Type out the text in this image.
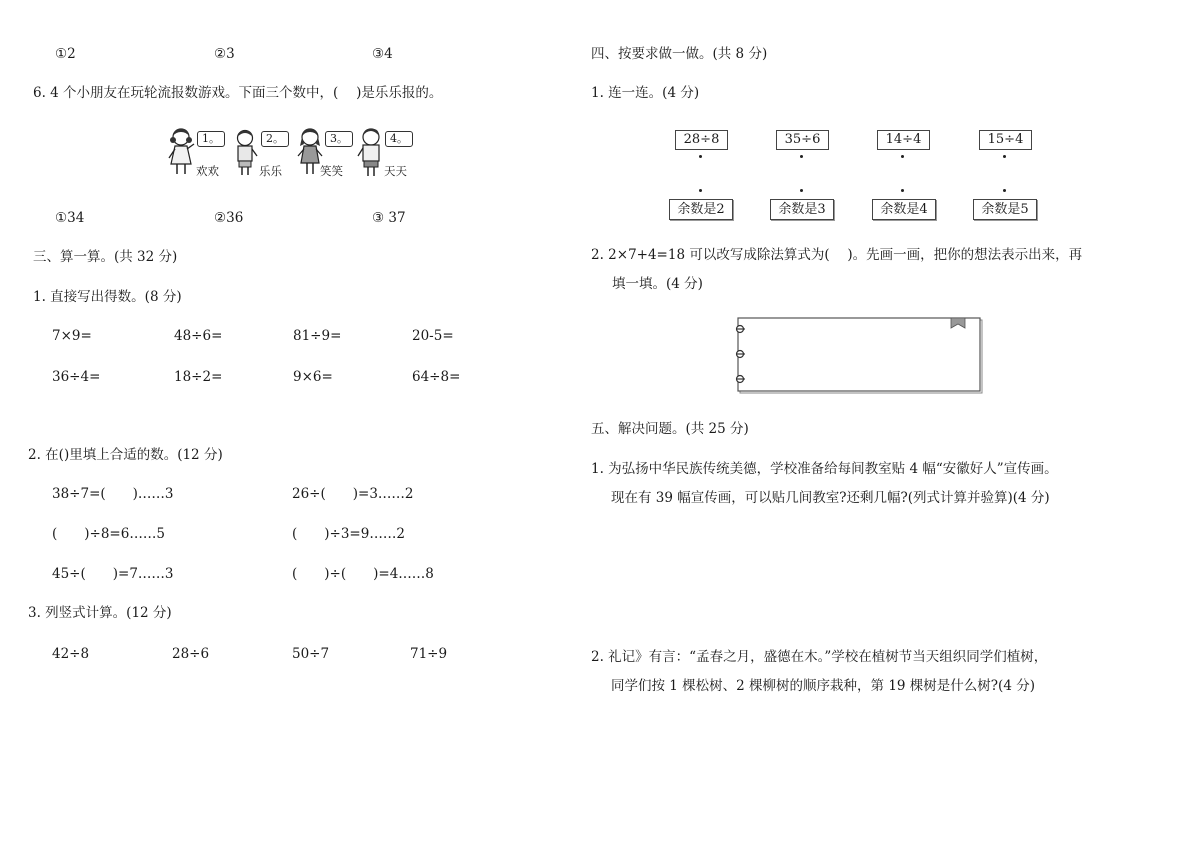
①2	②3	③4
6. 4 个小朋友在玩轮流报数游戏。下面三个数中，(　 )是乐乐报的。
1。
欢欢
2。
乐乐
3。
笑笑
4。
天天
①34	②36	③ 37
三、算一算。(共 32 分)
1. 直接写出得数。(8 分)
7×9=	48÷6=	81÷9=	20-5=
36÷4=	18÷2=	9×6=	64÷8=
2. 在()里填上合适的数。(12 分)
38÷7=(　　)……3	26÷(　　)=3……2
(　　)÷8=6……5	(　　)÷3=9……2
45÷(　　)=7……3	(　　)÷(　　)=4……8
3. 列竖式计算。(12 分)
42÷8	28÷6	50÷7	71÷9
四、按要求做一做。(共 8 分)
1. 连一连。(4 分)
28÷8	35÷6	14÷4	15÷4
余数是2	余数是3	余数是4	余数是5
2. 2×7+4=18 可以改写成除法算式为(　 )。先画一画，把你的想法表示出来，再
填一填。(4 分)
五、解决问题。(共 25 分)
1. 为弘扬中华民族传统美德，学校准备给每间教室贴 4 幅“安徽好人”宣传画。
现在有 39 幅宣传画，可以贴几间教室?还剩几幅?(列式计算并验算)(4 分)
2. 礼记》有言：“孟春之月，盛德在木。”学校在植树节当天组织同学们植树，
同学们按 1 棵松树、2 棵柳树的顺序栽种，第 19 棵树是什么树?(4 分)
